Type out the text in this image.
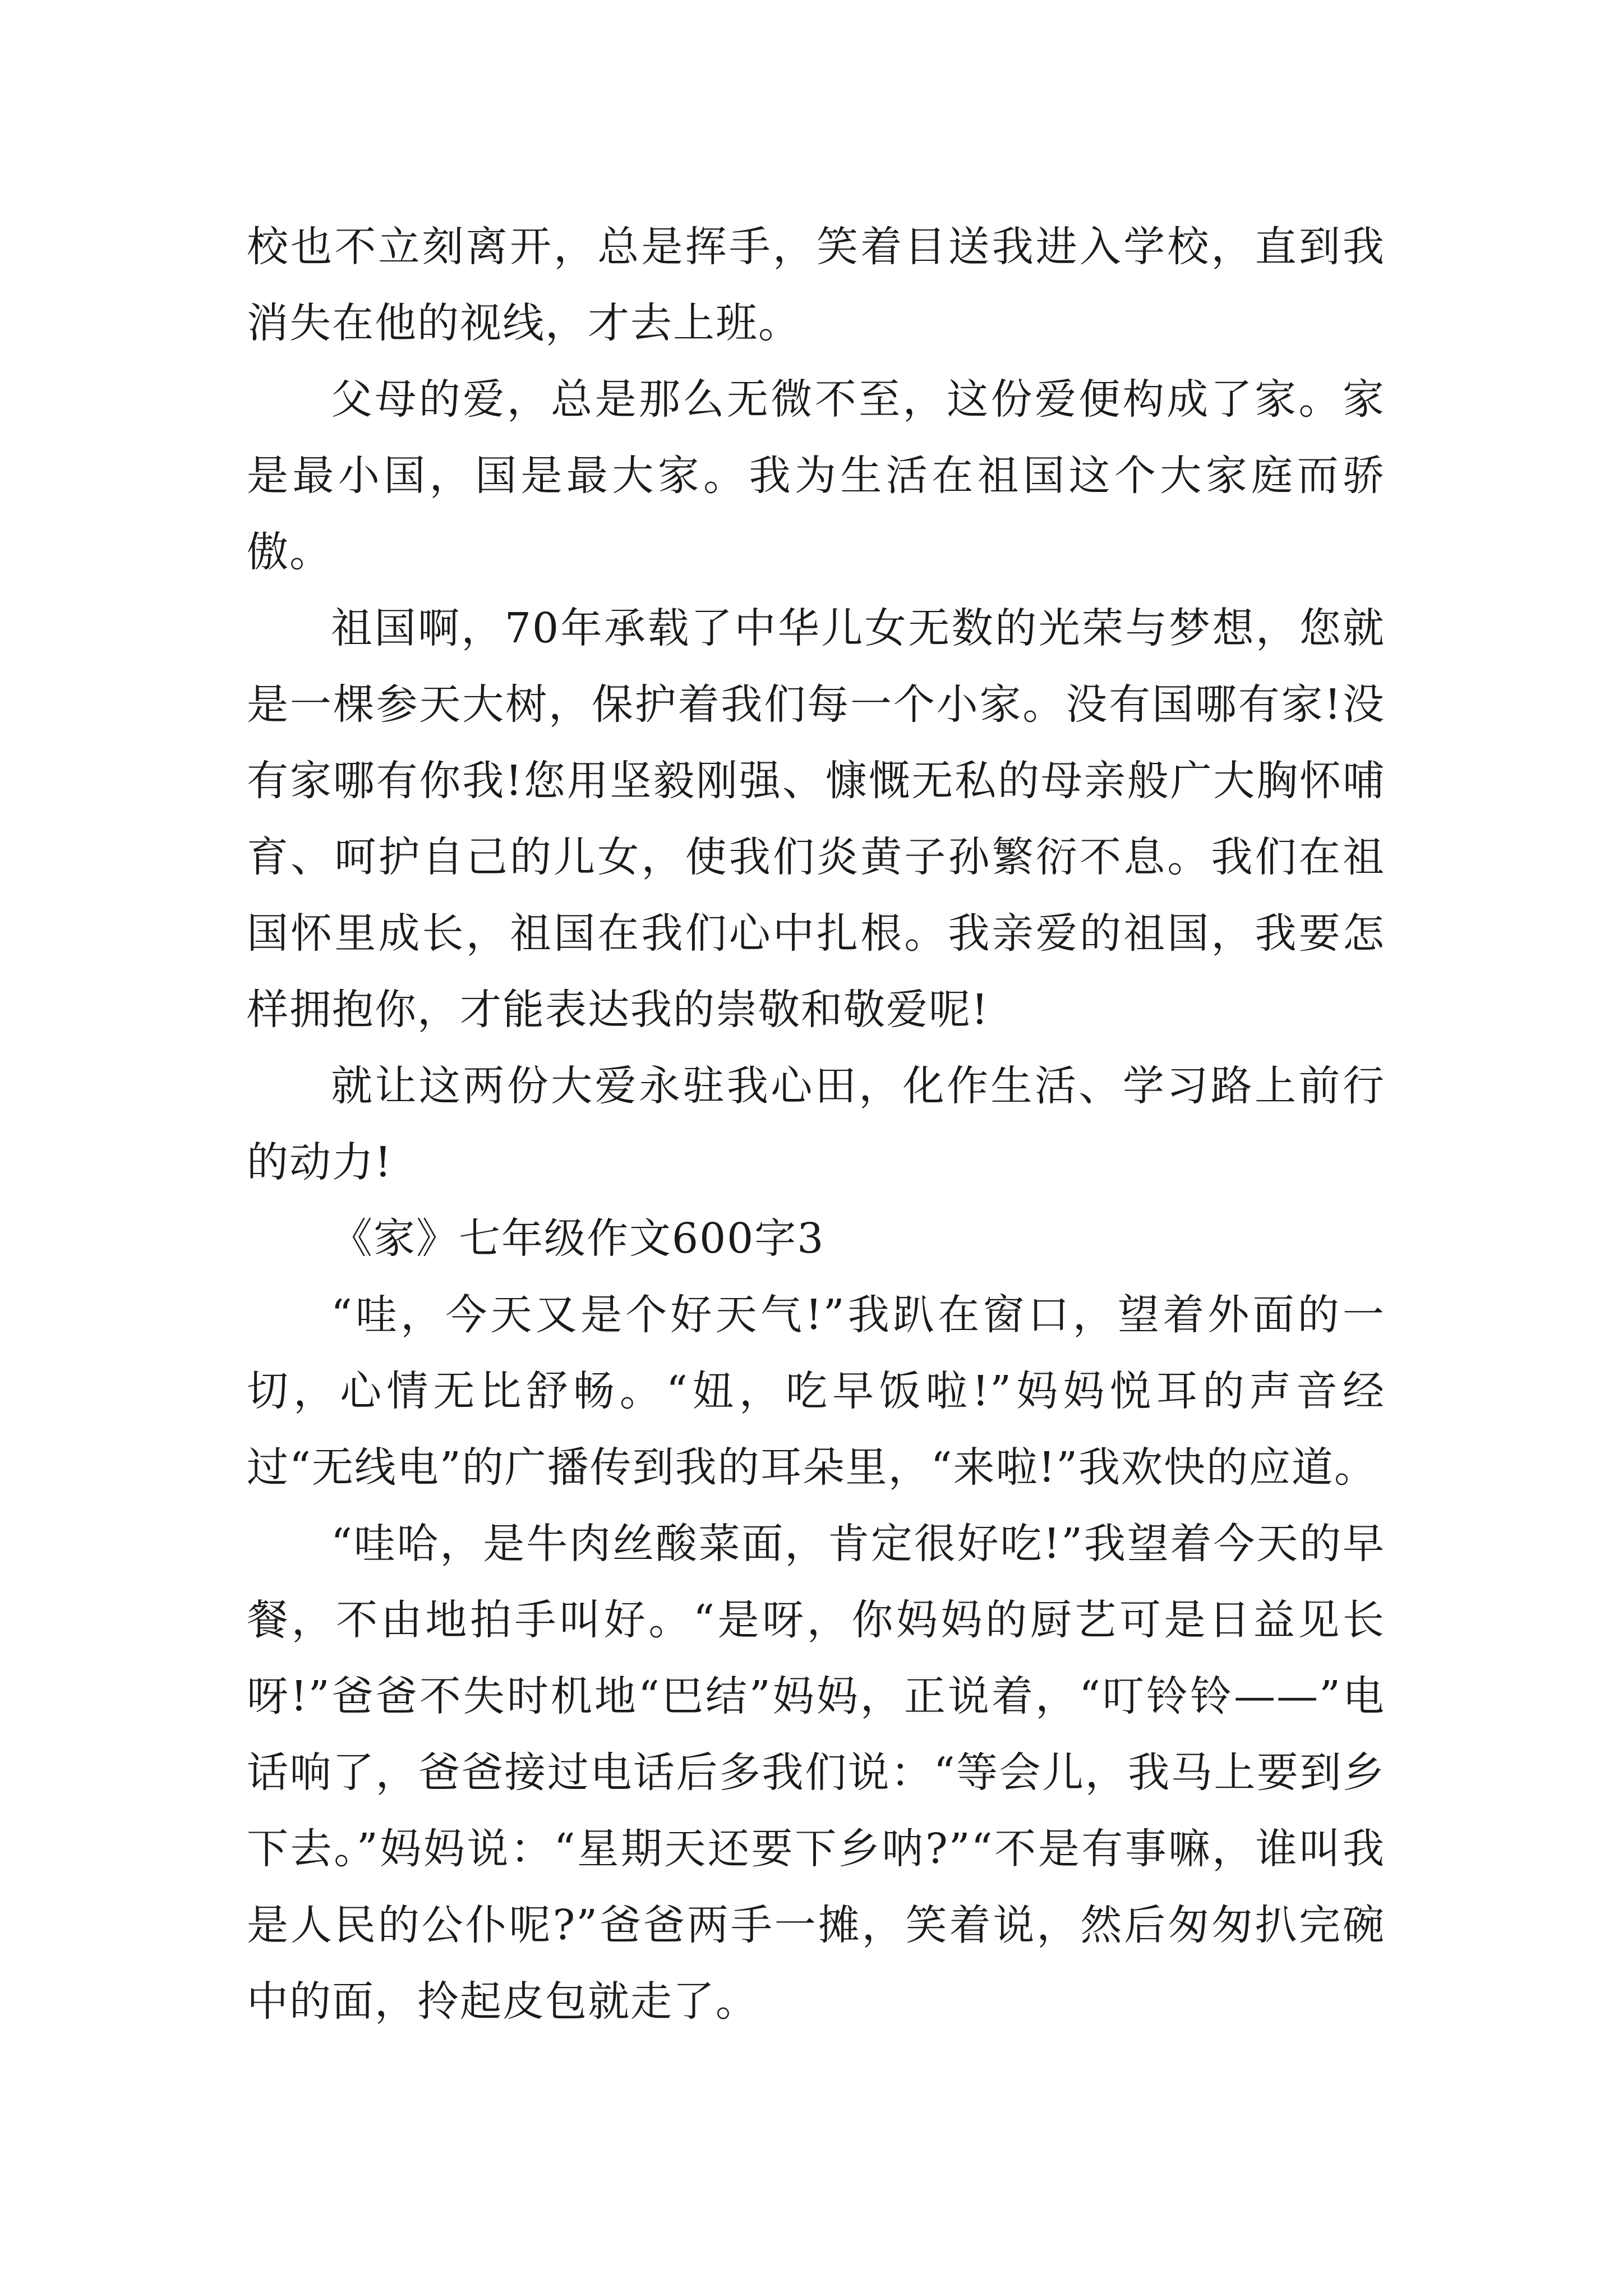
校也不立刻离开，总是挥手，笑着目送我进入学校，直到我消失在他的视线，才去上班。

父母的爱，总是那么无微不至，这份爱便构成了家。家是最小国，国是最大家。我为生活在祖国这个大家庭而骄傲。

祖国啊，70年承载了中华儿女无数的光荣与梦想，您就是一棵参天大树，保护着我们每一个小家。没有国哪有家!没有家哪有你我!您用坚毅刚强、慷慨无私的母亲般广大胸怀哺育、呵护自己的儿女，使我们炎黄子孙繁衍不息。我们在祖国怀里成长，祖国在我们心中扎根。我亲爱的祖国，我要怎样拥抱你，才能表达我的崇敬和敬爱呢!

就让这两份大爱永驻我心田，化作生活、学习路上前行的动力!

《家》七年级作文600字3

“哇，今天又是个好天气!”我趴在窗口，望着外面的一切，心情无比舒畅。“妞，吃早饭啦!”妈妈悦耳的声音经过“无线电”的广播传到我的耳朵里，“来啦!”我欢快的应道。

“哇哈，是牛肉丝酸菜面，肯定很好吃!”我望着今天的早餐，不由地拍手叫好。“是呀，你妈妈的厨艺可是日益见长呀!”爸爸不失时机地“巴结”妈妈，正说着，“叮铃铃——”电话响了，爸爸接过电话后多我们说：“等会儿，我马上要到乡下去。”妈妈说：“星期天还要下乡呐?”“不是有事嘛，谁叫我是人民的公仆呢?”爸爸两手一摊，笑着说，然后匆匆扒完碗中的面，拎起皮包就走了。
